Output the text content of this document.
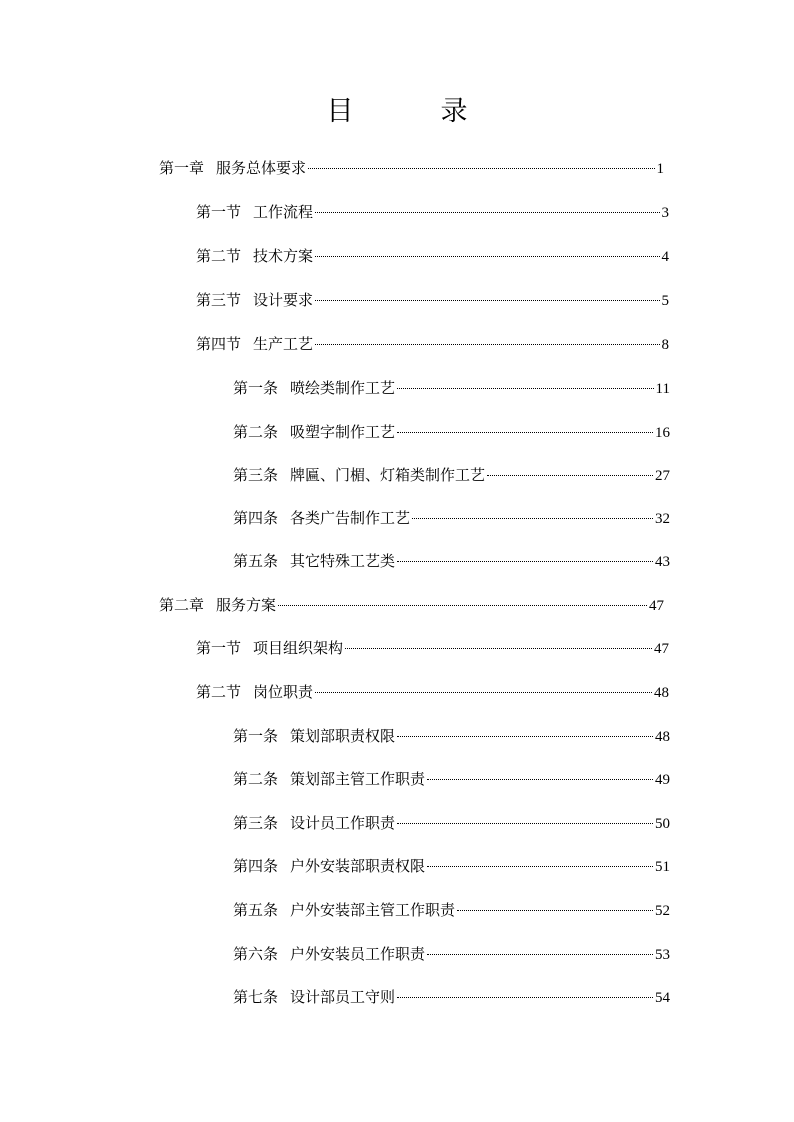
目　录
第一章 服务总体要求	1
第一节 工作流程	3
第二节 技术方案	4
第三节 设计要求	5
第四节 生产工艺	8
第一条 喷绘类制作工艺	11
第二条 吸塑字制作工艺	16
第三条 牌匾、门楣、灯箱类制作工艺	27
第四条 各类广告制作工艺	32
第五条 其它特殊工艺类	43
第二章 服务方案	47
第一节 项目组织架构	47
第二节 岗位职责	48
第一条 策划部职责权限	48
第二条 策划部主管工作职责	49
第三条 设计员工作职责	50
第四条 户外安装部职责权限	51
第五条 户外安装部主管工作职责	52
第六条 户外安装员工作职责	53
第七条 设计部员工守则	54
